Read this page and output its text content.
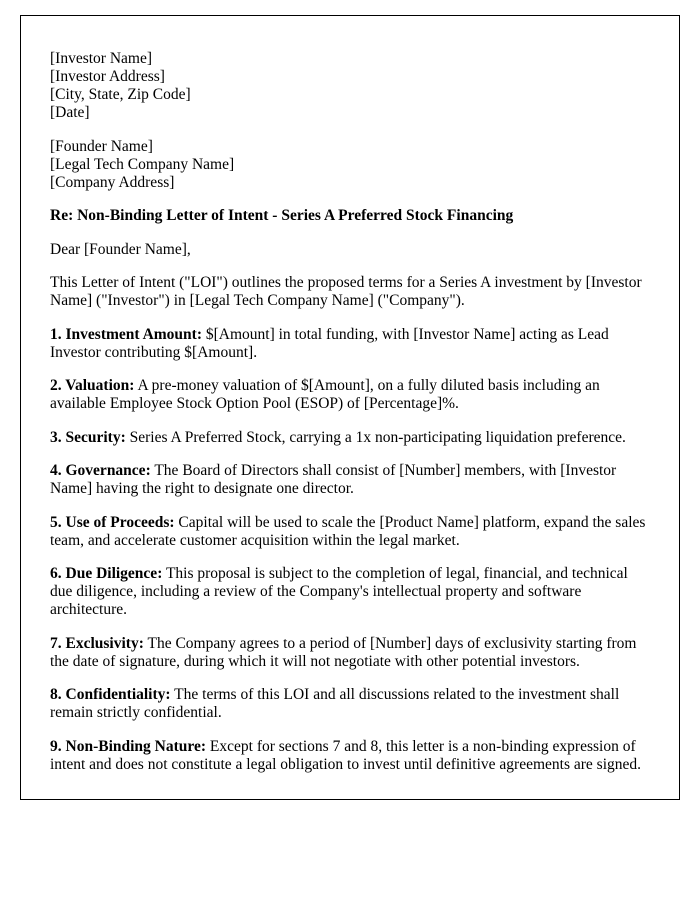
[Investor Name]
[Investor Address]
[City, State, Zip Code]
[Date]
[Founder Name]
[Legal Tech Company Name]
[Company Address]

Re: Non-Binding Letter of Intent - Series A Preferred Stock Financing

Dear [Founder Name],

This Letter of Intent ("LOI") outlines the proposed terms for a Series A investment by [Investor Name] ("Investor") in [Legal Tech Company Name] ("Company").

1. Investment Amount: $[Amount] in total funding, with [Investor Name] acting as Lead Investor contributing $[Amount].

2. Valuation: A pre-money valuation of $[Amount], on a fully diluted basis including an available Employee Stock Option Pool (ESOP) of [Percentage]%.

3. Security: Series A Preferred Stock, carrying a 1x non-participating liquidation preference.

4. Governance: The Board of Directors shall consist of [Number] members, with [Investor Name] having the right to designate one director.

5. Use of Proceeds: Capital will be used to scale the [Product Name] platform, expand the sales team, and accelerate customer acquisition within the legal market.

6. Due Diligence: This proposal is subject to the completion of legal, financial, and technical due diligence, including a review of the Company's intellectual property and software architecture.

7. Exclusivity: The Company agrees to a period of [Number] days of exclusivity starting from the date of signature, during which it will not negotiate with other potential investors.

8. Confidentiality: The terms of this LOI and all discussions related to the investment shall remain strictly confidential.

9. Non-Binding Nature: Except for sections 7 and 8, this letter is a non-binding expression of intent and does not constitute a legal obligation to invest until definitive agreements are signed.
